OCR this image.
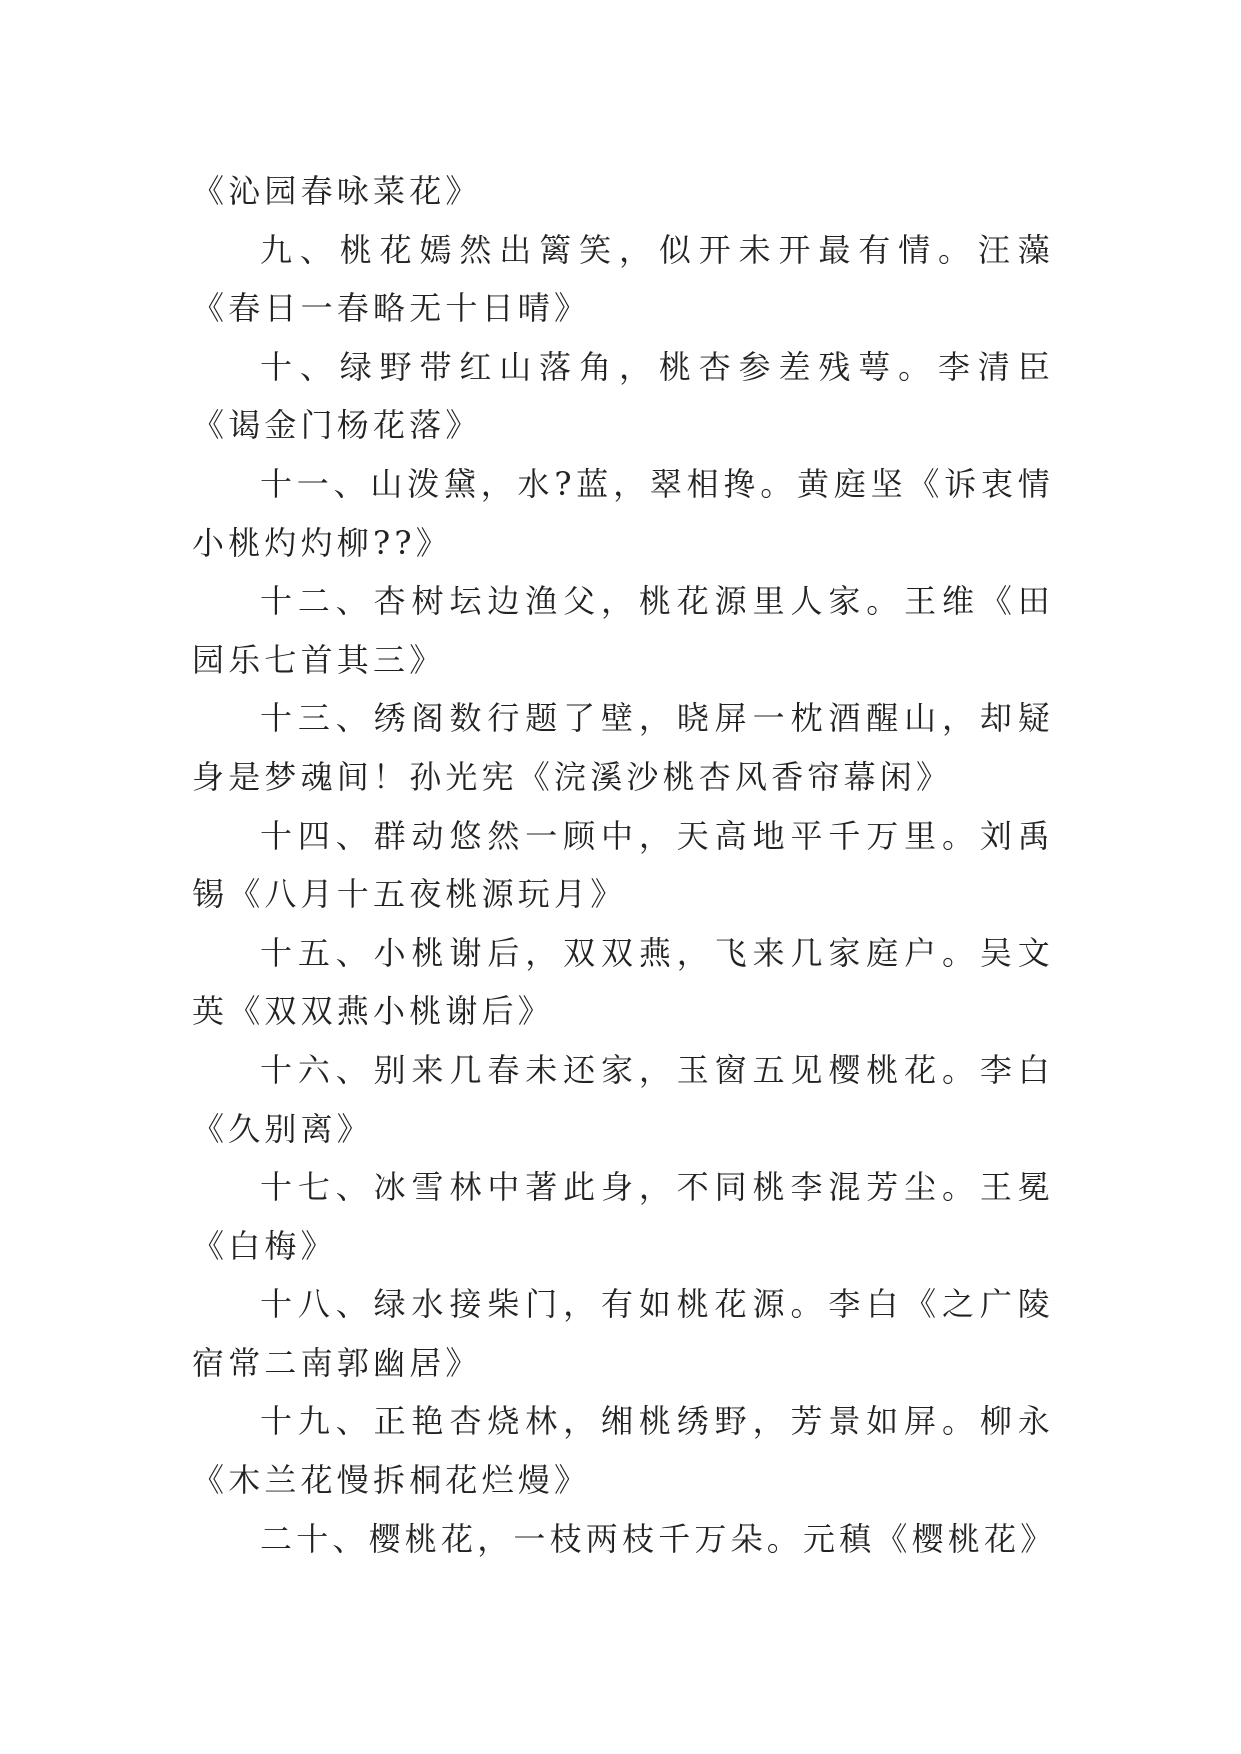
《沁园春咏菜花》

九、桃花嫣然出篱笑，似开未开最有情。汪藻《春日一春略无十日晴》

十、绿野带红山落角，桃杏参差残萼。李清臣《谒金门杨花落》

十一、山泼黛，水?蓝，翠相搀。黄庭坚《诉衷情小桃灼灼柳??》

十二、杏树坛边渔父，桃花源里人家。王维《田园乐七首其三》

十三、绣阁数行题了壁，晓屏一枕酒醒山，却疑身是梦魂间！孙光宪《浣溪沙桃杏风香帘幕闲》

十四、群动悠然一顾中，天高地平千万里。刘禹锡《八月十五夜桃源玩月》

十五、小桃谢后，双双燕，飞来几家庭户。吴文英《双双燕小桃谢后》

十六、别来几春未还家，玉窗五见樱桃花。李白《久别离》

十七、冰雪林中著此身，不同桃李混芳尘。王冕《白梅》

十八、绿水接柴门，有如桃花源。李白《之广陵宿常二南郭幽居》

十九、正艳杏烧林，缃桃绣野，芳景如屏。柳永《木兰花慢拆桐花烂熳》

二十、樱桃花，一枝两枝千万朵。元稹《樱桃花》
